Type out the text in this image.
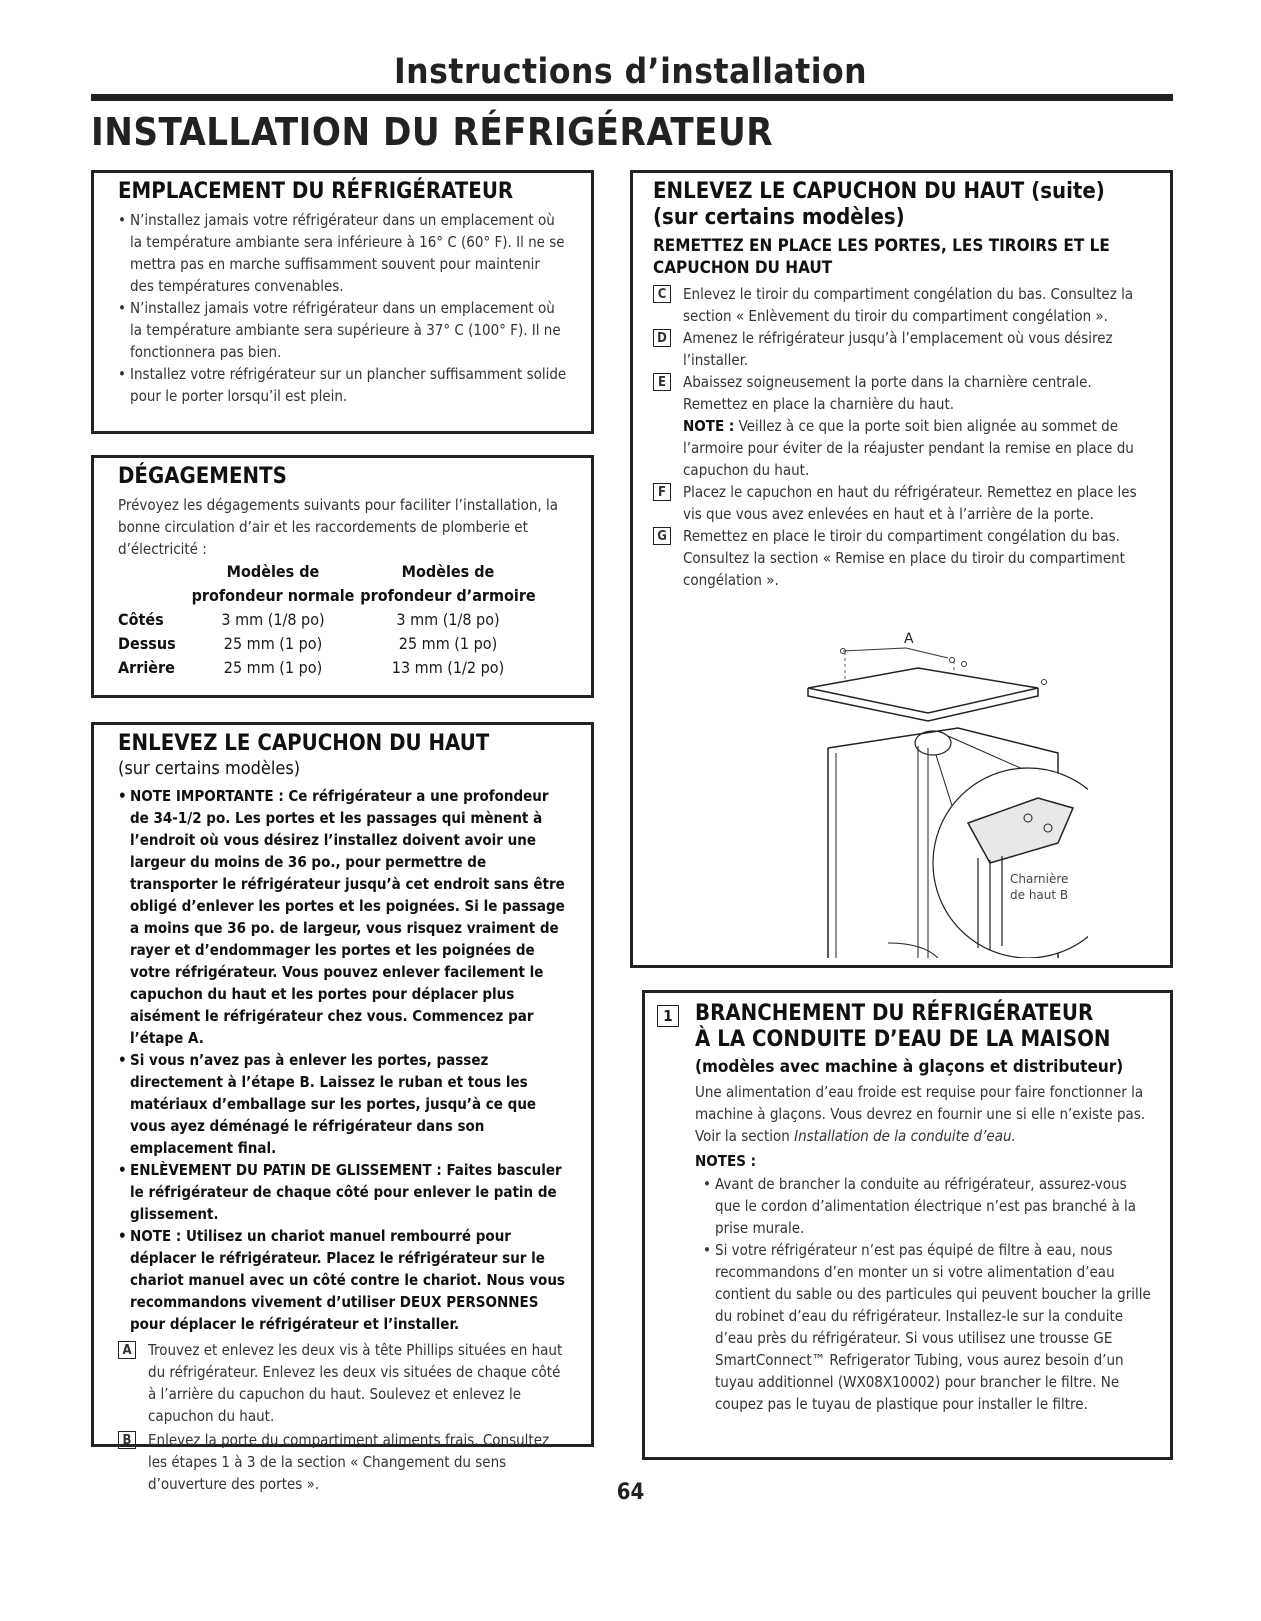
Instructions d’installation
INSTALLATION DU RÉFRIGÉRATEUR
EMPLACEMENT DU RÉFRIGÉRATEUR
• N’installez jamais votre réfrigérateur dans un emplacement où la température ambiante sera inférieure à 16° C (60° F). Il ne se mettra pas en marche suffisamment souvent pour maintenir des températures convenables.
• N’installez jamais votre réfrigérateur dans un emplacement où la température ambiante sera supérieure à 37° C (100° F). Il ne fonctionnera pas bien.
• Installez votre réfrigérateur sur un plancher suffisamment solide pour le porter lorsqu’il est plein.
DÉGAGEMENTS
Prévoyez les dégagements suivants pour faciliter l’installation, la bonne circulation d’air et les raccordements de plomberie et d’électricité :
	Modèles de	Modèles de
	profondeur normale	profondeur d’armoire
Côtés	3 mm (1/8 po)	3 mm (1/8 po)
Dessus	25 mm (1 po)	25 mm (1 po)
Arrière	25 mm (1 po)	13 mm (1/2 po)
ENLEVEZ LE CAPUCHON DU HAUT
(sur certains modèles)
• NOTE IMPORTANTE : Ce réfrigérateur a une profondeur de 34-1/2 po. Les portes et les passages qui mènent à l’endroit où vous désirez l’installez doivent avoir une largeur du moins de 36 po., pour permettre de transporter le réfrigérateur jusqu’à cet endroit sans être obligé d’enlever les portes et les poignées. Si le passage a moins que 36 po. de largeur, vous risquez vraiment de rayer et d’endommager les portes et les poignées de votre réfrigérateur. Vous pouvez enlever facilement le capuchon du haut et les portes pour déplacer plus aisément le réfrigérateur chez vous. Commencez par l’étape A.
• Si vous n’avez pas à enlever les portes, passez directement à l’étape B. Laissez le ruban et tous les matériaux d’emballage sur les portes, jusqu’à ce que vous ayez déménagé le réfrigérateur dans son emplacement final.
• ENLÈVEMENT DU PATIN DE GLISSEMENT : Faites basculer le réfrigérateur de chaque côté pour enlever le patin de glissement.
• NOTE : Utilisez un chariot manuel rembourré pour déplacer le réfrigérateur. Placez le réfrigérateur sur le chariot manuel avec un côté contre le chariot. Nous vous recommandons vivement d’utiliser DEUX PERSONNES pour déplacer le réfrigérateur et l’installer.
A Trouvez et enlevez les deux vis à tête Phillips situées en haut du réfrigérateur. Enlevez les deux vis situées de chaque côté à l’arrière du capuchon du haut. Soulevez et enlevez le capuchon du haut.
B	Enlevez la porte du compartiment aliments frais. Consultez les étapes 1 à 3 de la section « Changement du sens d’ouverture des portes ».
ENLEVEZ LE CAPUCHON DU HAUT (suite) (sur certains modèles)
REMETTEZ EN PLACE LES PORTES, LES TIROIRS ET LE CAPUCHON DU HAUT
C	Enlevez le tiroir du compartiment congélation du bas. Consultez la section « Enlèvement du tiroir du compartiment congélation ».
D Amenez le réfrigérateur jusqu’à l’emplacement où vous désirez l’installer.
E	Abaissez soigneusement la porte dans la charnière centrale. Remettez en place la charnière du haut.
NOTE : Veillez à ce que la porte soit bien alignée au sommet de l’armoire pour éviter de la réajuster pendant la remise en place du capuchon du haut.
F	Placez le capuchon en haut du réfrigérateur. Remettez en place les vis que vous avez enlevées en haut et à l’arrière de la porte.
G Remettez en place le tiroir du compartiment congélation du bas. Consultez la section « Remise en place du tiroir du compartiment congélation ».
A
Charnière
de haut B
1 BRANCHEMENT DU RÉFRIGÉRATEUR
À LA CONDUITE D’EAU DE LA MAISON
(modèles avec machine à glaçons et distributeur)
Une alimentation d’eau froide est requise pour faire fonctionner la machine à glaçons. Vous devrez en fournir une si elle n’existe pas. Voir la section Installation de la conduite d’eau.
NOTES :
• Avant de brancher la conduite au réfrigérateur, assurez-vous que le cordon d’alimentation électrique n’est pas branché à la prise murale.
• Si votre réfrigérateur n’est pas équipé de filtre à eau, nous recommandons d’en monter un si votre alimentation d’eau contient du sable ou des particules qui peuvent boucher la grille du robinet d’eau du réfrigérateur. Installez-le sur la conduite d’eau près du réfrigérateur. Si vous utilisez une trousse GE SmartConnect™ Refrigerator Tubing, vous aurez besoin d’un tuyau additionnel (WX08X10002) pour brancher le filtre. Ne coupez pas le tuyau de plastique pour installer le filtre.
64
